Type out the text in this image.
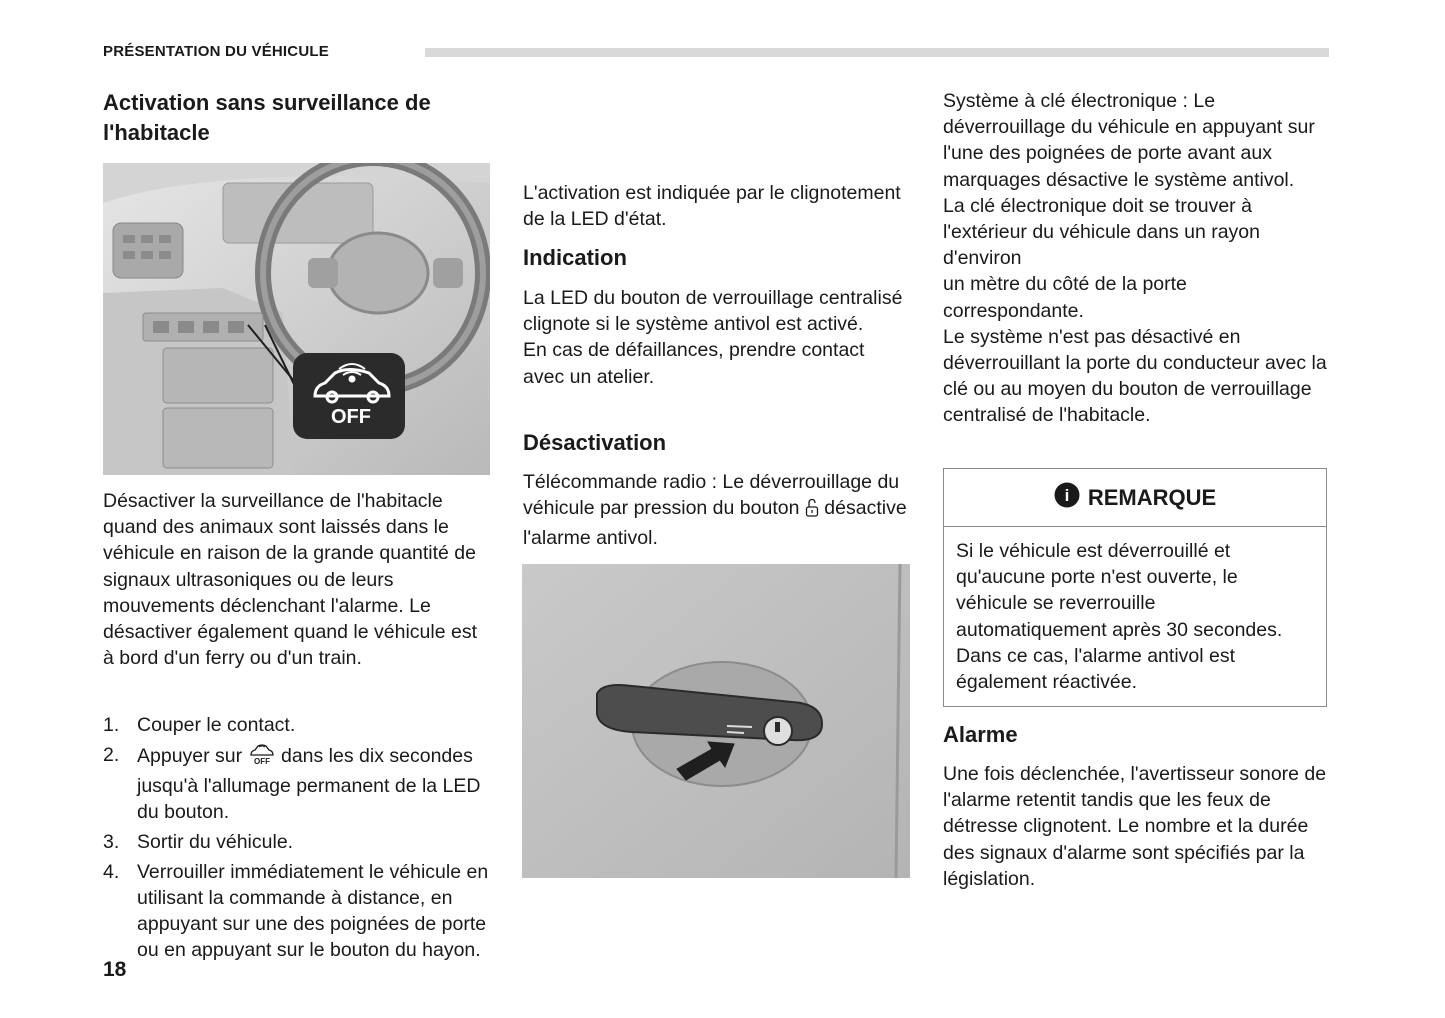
PRÉSENTATION DU VÉHICULE
Activation sans surveillance de l'habitacle
OFF

Désactiver la surveillance de l'habitacle quand des animaux sont laissés dans le véhicule en raison de la grande quantité de signaux ultrasoniques ou de leurs mouvements déclenchant l'alarme. Le désactiver également quand le véhicule est à bord d'un ferry ou d'un train.

1. Couper le contact.
2. Appuyer sur OFF dans les dix secondes jusqu'à l'allumage permanent de la LED du bouton.
3. Sortir du véhicule.
4. Verrouiller immédiatement le véhicule en utilisant la commande à distance, en appuyant sur une des poignées de porte ou en appuyant sur le bouton du hayon.

L'activation est indiquée par le clignotement de la LED d'état.

Indication

La LED du bouton de verrouillage centralisé clignote si le système antivol est activé.
En cas de défaillances, prendre contact avec un atelier.

Désactivation

Télécommande radio : Le déverrouillage du véhicule par pression du bouton désactive l'alarme antivol.

Système à clé électronique : Le déverrouillage du véhicule en appuyant sur l'une des poignées de porte avant aux marquages désactive le système antivol.
La clé électronique doit se trouver à l'extérieur du véhicule dans un rayon d'environ
un mètre du côté de la porte correspondante.
Le système n'est pas désactivé en déverrouillant la porte du conducteur avec la clé ou au moyen du bouton de verrouillage centralisé de l'habitacle.

i REMARQUE

Si le véhicule est déverrouillé et qu'aucune porte n'est ouverte, le véhicule se reverrouille automatiquement après 30 secondes. Dans ce cas, l'alarme antivol est également réactivée.

Alarme

Une fois déclenchée, l'avertisseur sonore de l'alarme retentit tandis que les feux de détresse clignotent. Le nombre et la durée des signaux d'alarme sont spécifiés par la législation.

18
